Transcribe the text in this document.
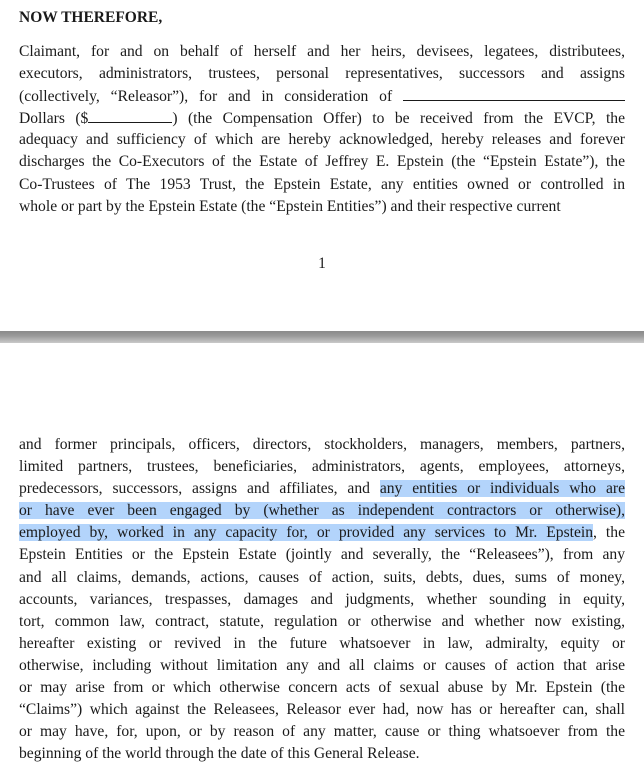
NOW THEREFORE,

Claimant, for and on behalf of herself and her heirs, devisees, legatees, distributees,
executors, administrators, trustees, personal representatives, successors and assigns
(collectively, “Releasor”), for and in consideration of
Dollars ($	) (the Compensation Offer) to be received from the EVCP, the
adequacy and sufficiency of which are hereby acknowledged, hereby releases and forever
discharges the Co-Executors of the Estate of Jeffrey E. Epstein (the “Epstein Estate”), the
Co-Trustees of The 1953 Trust, the Epstein Estate, any entities owned or controlled in
whole or part by the Epstein Estate (the “Epstein Entities”) and their respective current

1

and former principals, officers, directors, stockholders, managers, members, partners,
limited partners, trustees, beneficiaries, administrators, agents, employees, attorneys,
predecessors, successors, assigns and affiliates, and any entities or individuals who are
or have ever been engaged by (whether as independent contractors or otherwise),
employed by, worked in any capacity for, or provided any services to Mr. Epstein, the
Epstein Entities or the Epstein Estate (jointly and severally, the “Releasees”), from any
and all claims, demands, actions, causes of action, suits, debts, dues, sums of money,
accounts, variances, trespasses, damages and judgments, whether sounding in equity,
tort, common law, contract, statute, regulation or otherwise and whether now existing,
hereafter existing or revived in the future whatsoever in law, admiralty, equity or
otherwise, including without limitation any and all claims or causes of action that arise
or may arise from or which otherwise concern acts of sexual abuse by Mr. Epstein (the
“Claims”) which against the Releasees, Releasor ever had, now has or hereafter can, shall
or may have, for, upon, or by reason of any matter, cause or thing whatsoever from the
beginning of the world through the date of this General Release.
